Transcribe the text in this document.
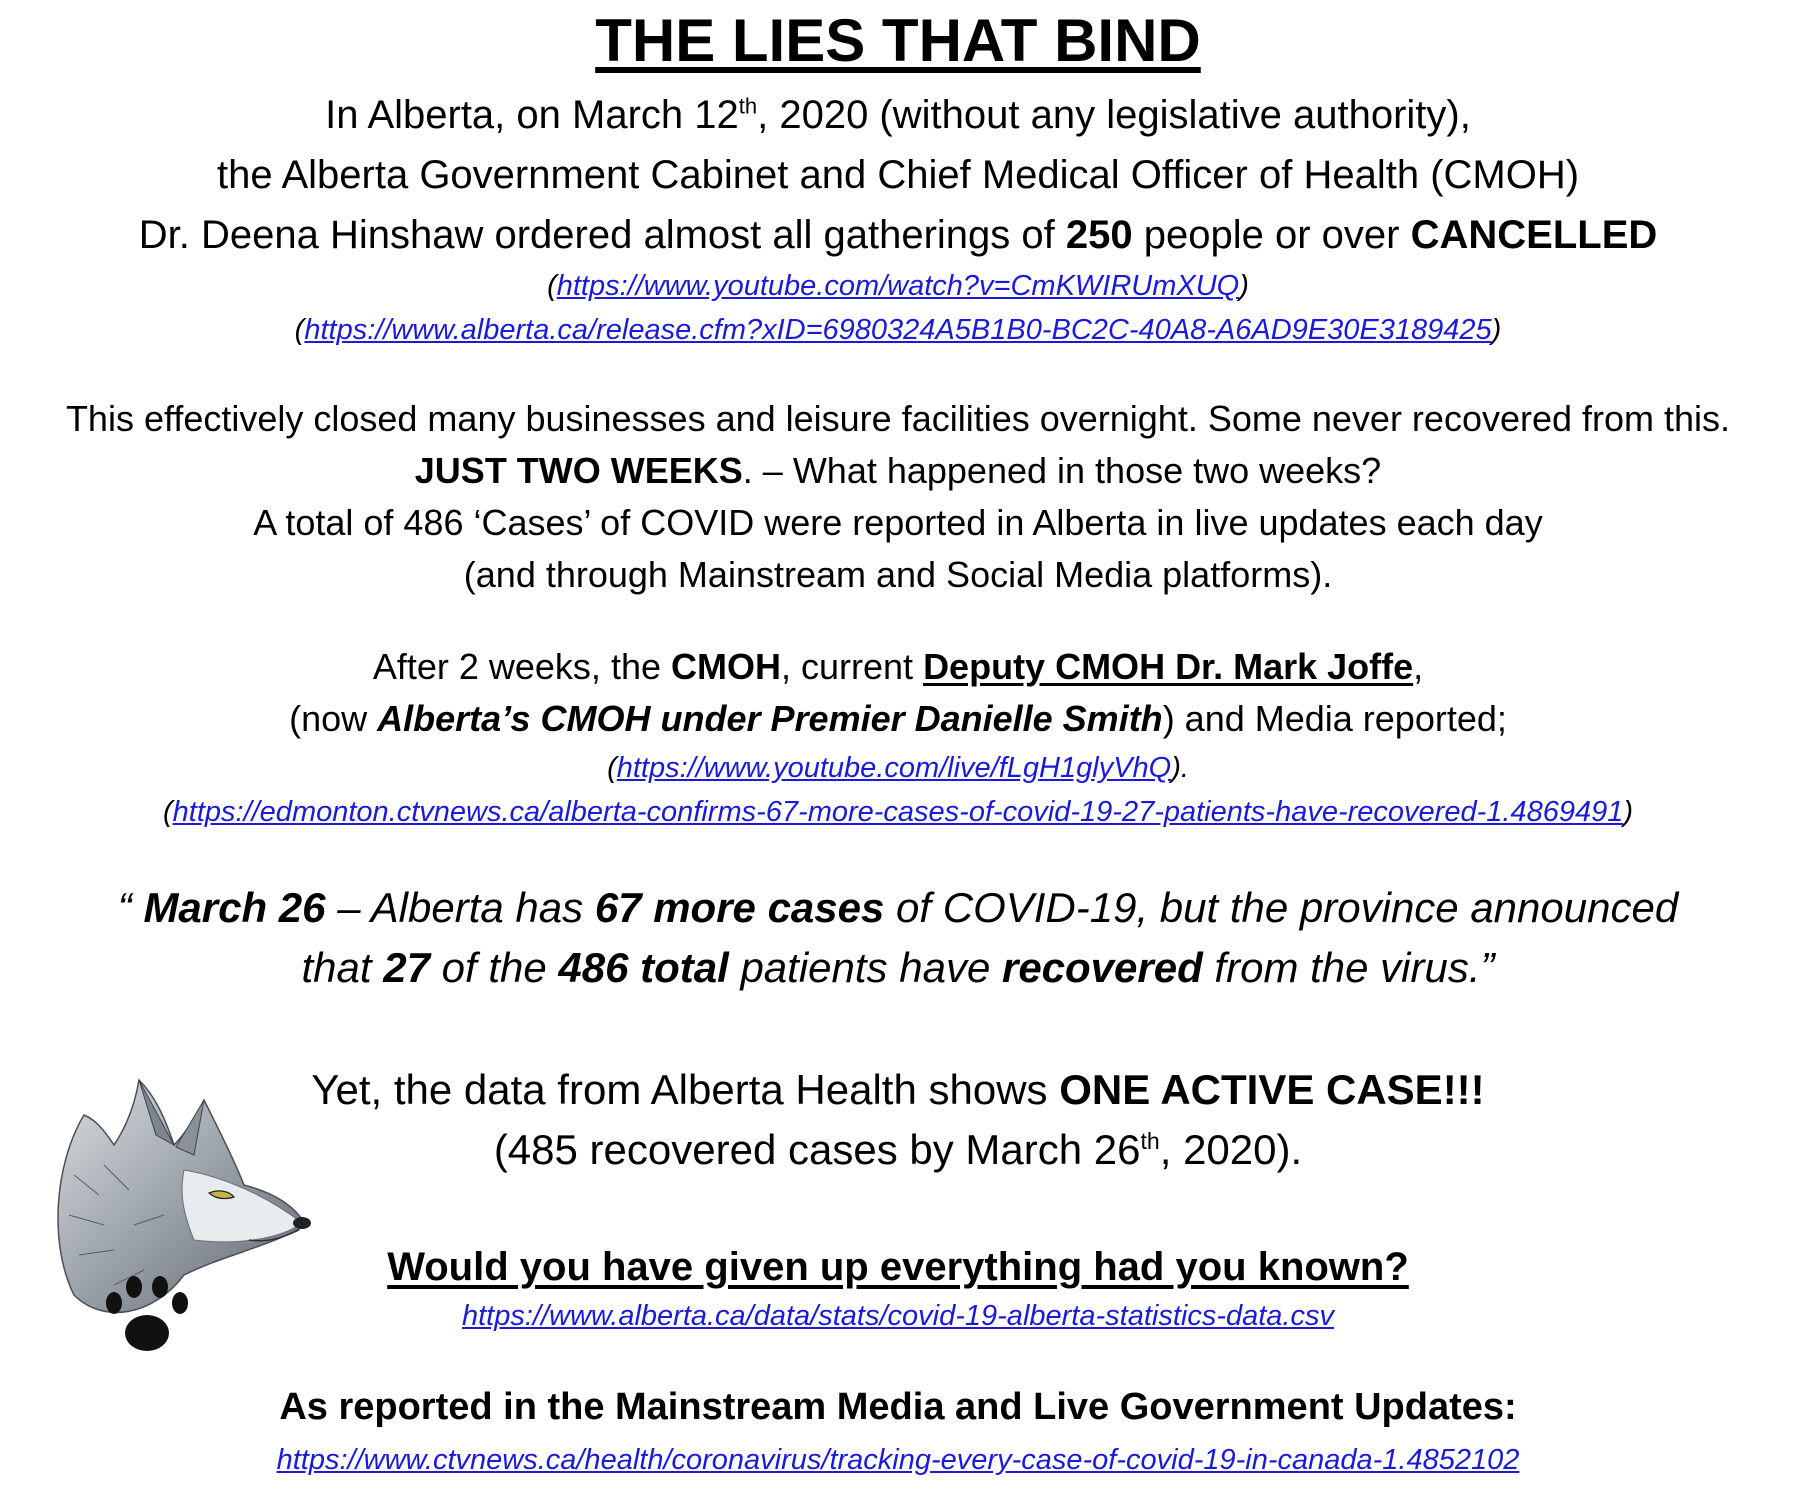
THE LIES THAT BIND
In Alberta, on March 12th, 2020 (without any legislative authority),
the Alberta Government Cabinet and Chief Medical Officer of Health (CMOH)
Dr. Deena Hinshaw ordered almost all gatherings of 250 people or over CANCELLED
(https://www.youtube.com/watch?v=CmKWIRUmXUQ)
(https://www.alberta.ca/release.cfm?xID=6980324A5B1B0-BC2C-40A8-A6AD9E30E3189425)
This effectively closed many businesses and leisure facilities overnight. Some never recovered from this.
JUST TWO WEEKS. – What happened in those two weeks?
A total of 486 ‘Cases’ of COVID were reported in Alberta in live updates each day
(and through Mainstream and Social Media platforms).
After 2 weeks, the CMOH, current Deputy CMOH Dr. Mark Joffe,
(now Alberta’s CMOH under Premier Danielle Smith) and Media reported;
(https://www.youtube.com/live/fLgH1glyVhQ).
(https://edmonton.ctvnews.ca/alberta-confirms-67-more-cases-of-covid-19-27-patients-have-recovered-1.4869491)
“ March 26 – Alberta has 67 more cases of COVID-19, but the province announced
that 27 of the 486 total patients have recovered from the virus.”
Yet, the data from Alberta Health shows ONE ACTIVE CASE!!!
(485 recovered cases by March 26th, 2020).
Would you have given up everything had you known?
https://www.alberta.ca/data/stats/covid-19-alberta-statistics-data.csv
As reported in the Mainstream Media and Live Government Updates:
https://www.ctvnews.ca/health/coronavirus/tracking-every-case-of-covid-19-in-canada-1.4852102
